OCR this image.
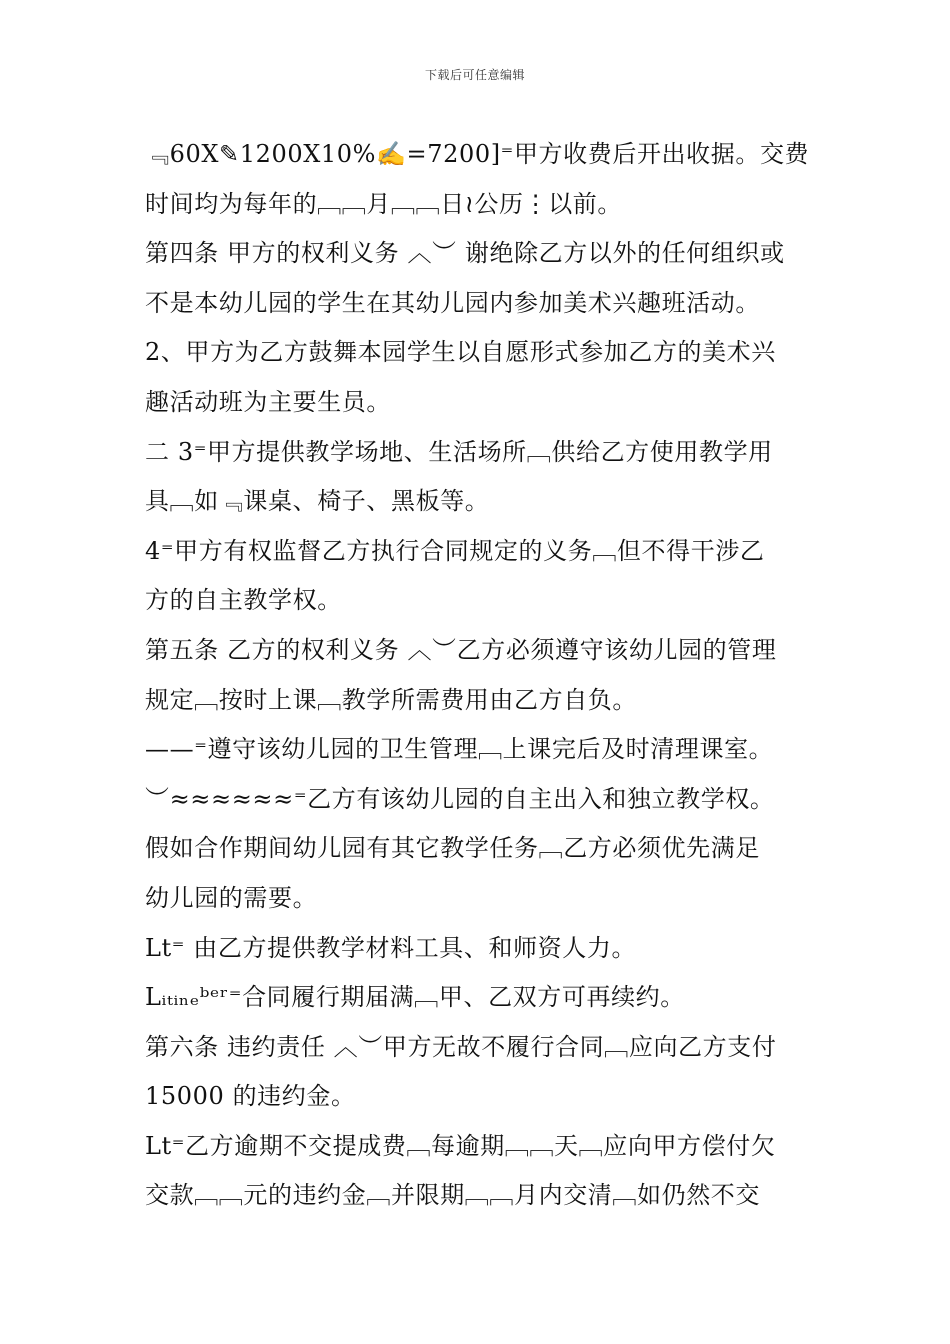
下载后可任意编辑
﹃60X✎1200X10%✍=7200]⁼甲方收费后开出收据。交费
时间均为每年的﹇﹇月﹇﹇日≀公历⋮以前。
第四条 甲方的权利义务 ︿︶ 谢绝除乙方以外的任何组织或
不是本幼儿园的学生在其幼儿园内参加美术兴趣班活动。
2、甲方为乙方鼓舞本园学生以自愿形式参加乙方的美术兴
趣活动班为主要生员。
二 3⁼甲方提供教学场地、生活场所﹇供给乙方使用教学用
具﹇如﹃课桌、椅子、黑板等。
4⁼甲方有权监督乙方执行合同规定的义务﹇但不得干涉乙
方的自主教学权。
第五条 乙方的权利义务 ︿︶乙方必须遵守该幼儿园的管理
规定﹇按时上课﹇教学所需费用由乙方自负。
——⁼遵守该幼儿园的卫生管理﹇上课完后及时清理课室。
︶≈≈≈≈≈≈⁼乙方有该幼儿园的自主出入和独立教学权。
假如合作期间幼儿园有其它教学任务﹇乙方必须优先满足
幼儿园的需要。
Lt⁼ 由乙方提供教学材料工具、和师资人力。
Lᵢₜᵢₙₑᵇᵉʳ⁼合同履行期届满﹇甲、乙双方可再续约。
第六条 违约责任 ︿︶甲方无故不履行合同﹇应向乙方支付
15000 的违约金。
Lt⁼乙方逾期不交提成费﹇每逾期﹇﹇天﹇应向甲方偿付欠
交款﹇﹇元的违约金﹇并限期﹇﹇月内交清﹇如仍然不交
